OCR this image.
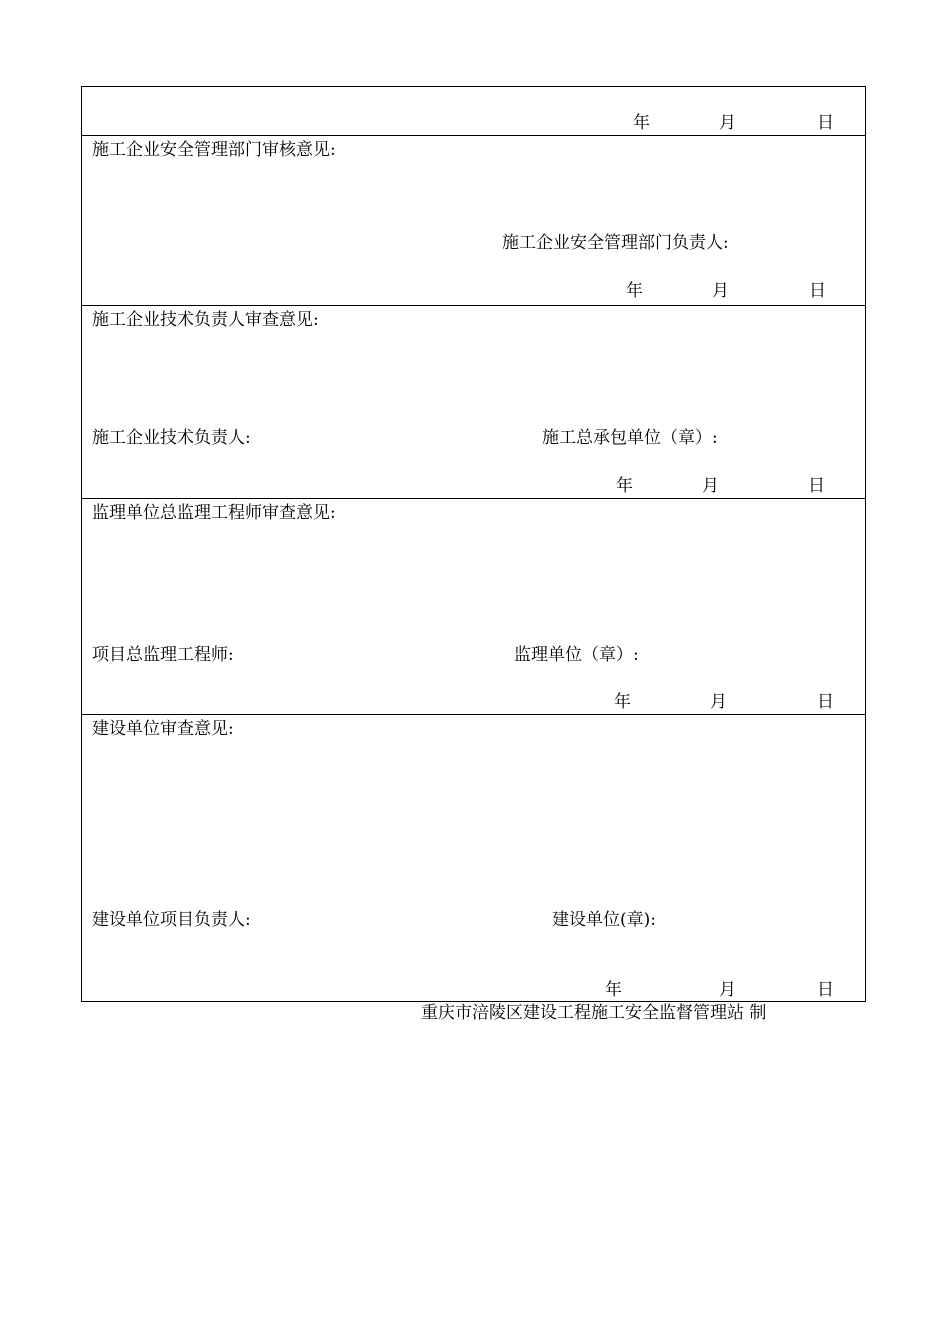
年	月	日
施工企业安全管理部门审核意见:
施工企业安全管理部门负责人:
年	月	日
施工企业技术负责人审查意见:
施工企业技术负责人:	施工总承包单位（章）:
年	月	日
监理单位总监理工程师审查意见:
项目总监理工程师:	监理单位（章）:
年	月	日
建设单位审查意见:
建设单位项目负责人:	建设单位(章):
年	月	日
重庆市涪陵区建设工程施工安全监督管理站 制
